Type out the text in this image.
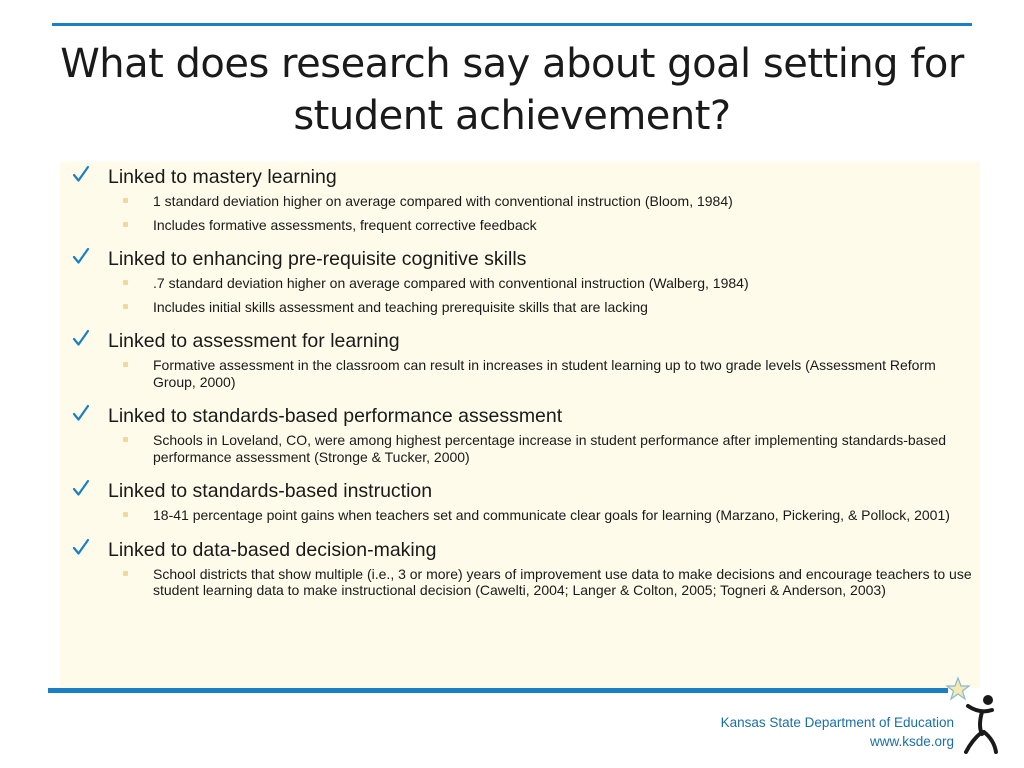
What does research say about goal setting for student achievement?
Linked to mastery learning
1 standard deviation higher on average compared with conventional instruction (Bloom, 1984)
Includes formative assessments, frequent corrective feedback
Linked to enhancing pre-requisite cognitive skills
.7 standard deviation higher on average compared with conventional instruction (Walberg, 1984)
Includes initial skills assessment and teaching prerequisite skills that are lacking
Linked to assessment for learning
Formative assessment in the classroom can result in increases in student learning up to two grade levels (Assessment Reform Group, 2000)
Linked to standards-based performance assessment
Schools in Loveland, CO, were among highest percentage increase in student performance after implementing standards-based performance assessment (Stronge & Tucker, 2000)
Linked to standards-based instruction
18-41 percentage point gains when teachers set and communicate clear goals for learning (Marzano, Pickering, & Pollock, 2001)
Linked to data-based decision-making
School districts that show multiple (i.e., 3 or more) years of improvement use data to make decisions and encourage teachers to use student learning data to make instructional decision (Cawelti, 2004; Langer & Colton, 2005; Togneri & Anderson, 2003)
Kansas State Department of Education
www.ksde.org
